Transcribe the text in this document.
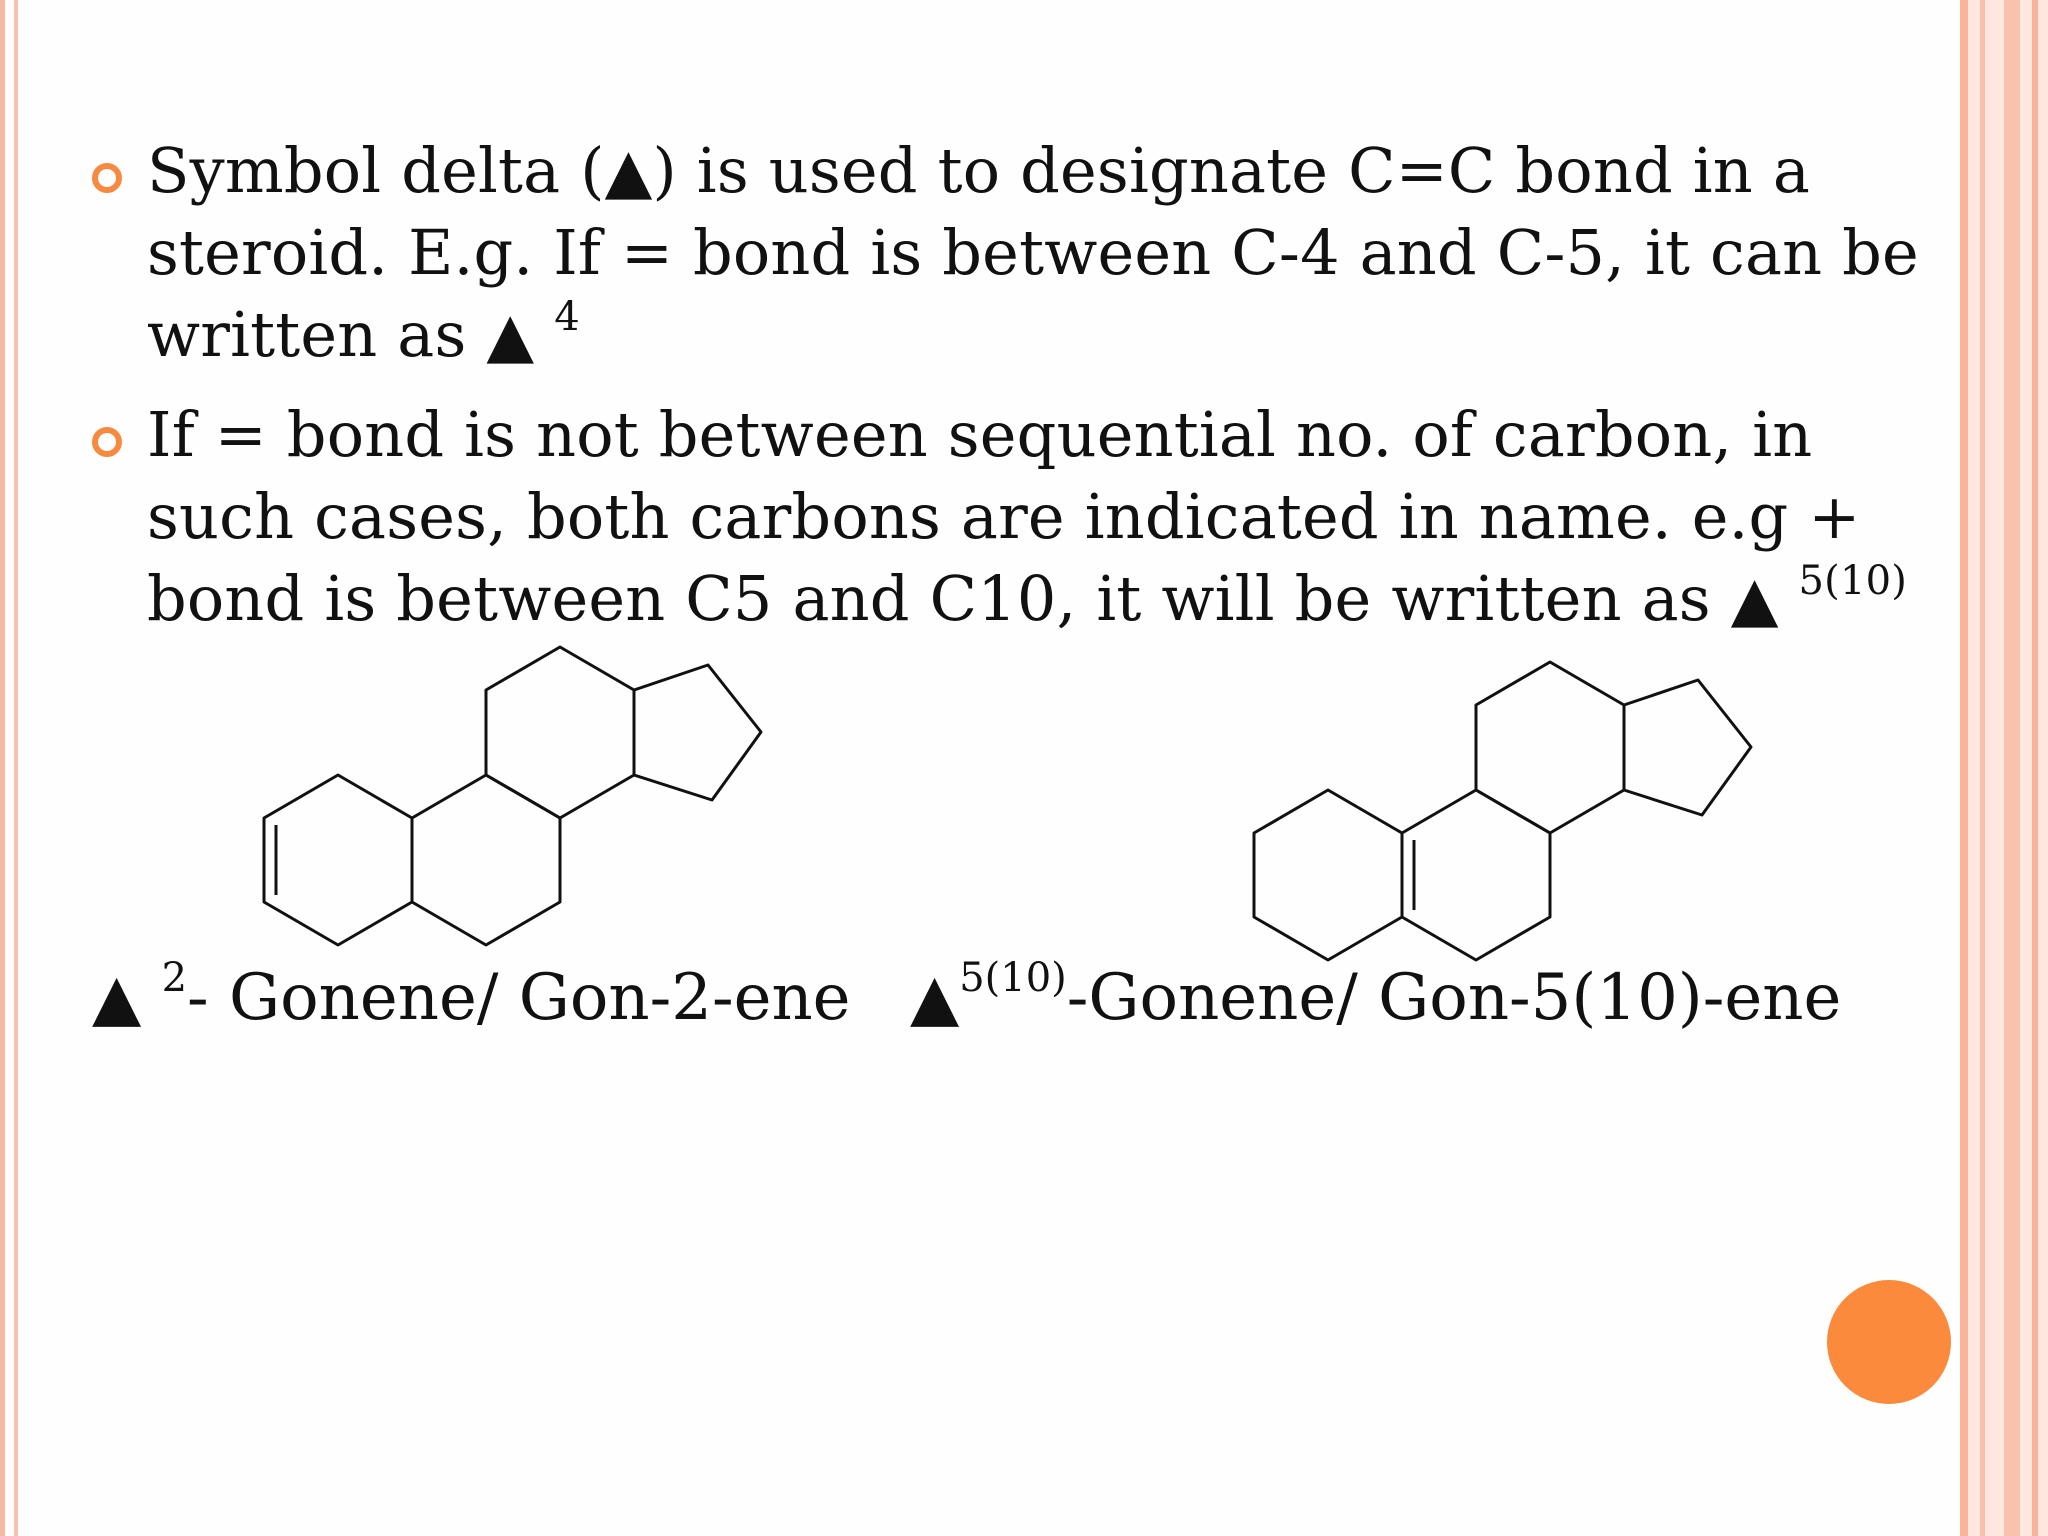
Symbol delta (▲) is used to designate C=C bond in a steroid. E.g. If = bond is between C-4 and C-5, it can be written as ▲ $^4$
If = bond is not between sequential no. of carbon, in such cases, both carbons are indicated in name. e.g + bond is between C5 and C10, it will be written as ▲ $^{5(10)}$
▲ $^2$- Gonene/ Gon-2-ene ▲$^{5(10)}$-Gonene/ Gon-5(10)-ene
